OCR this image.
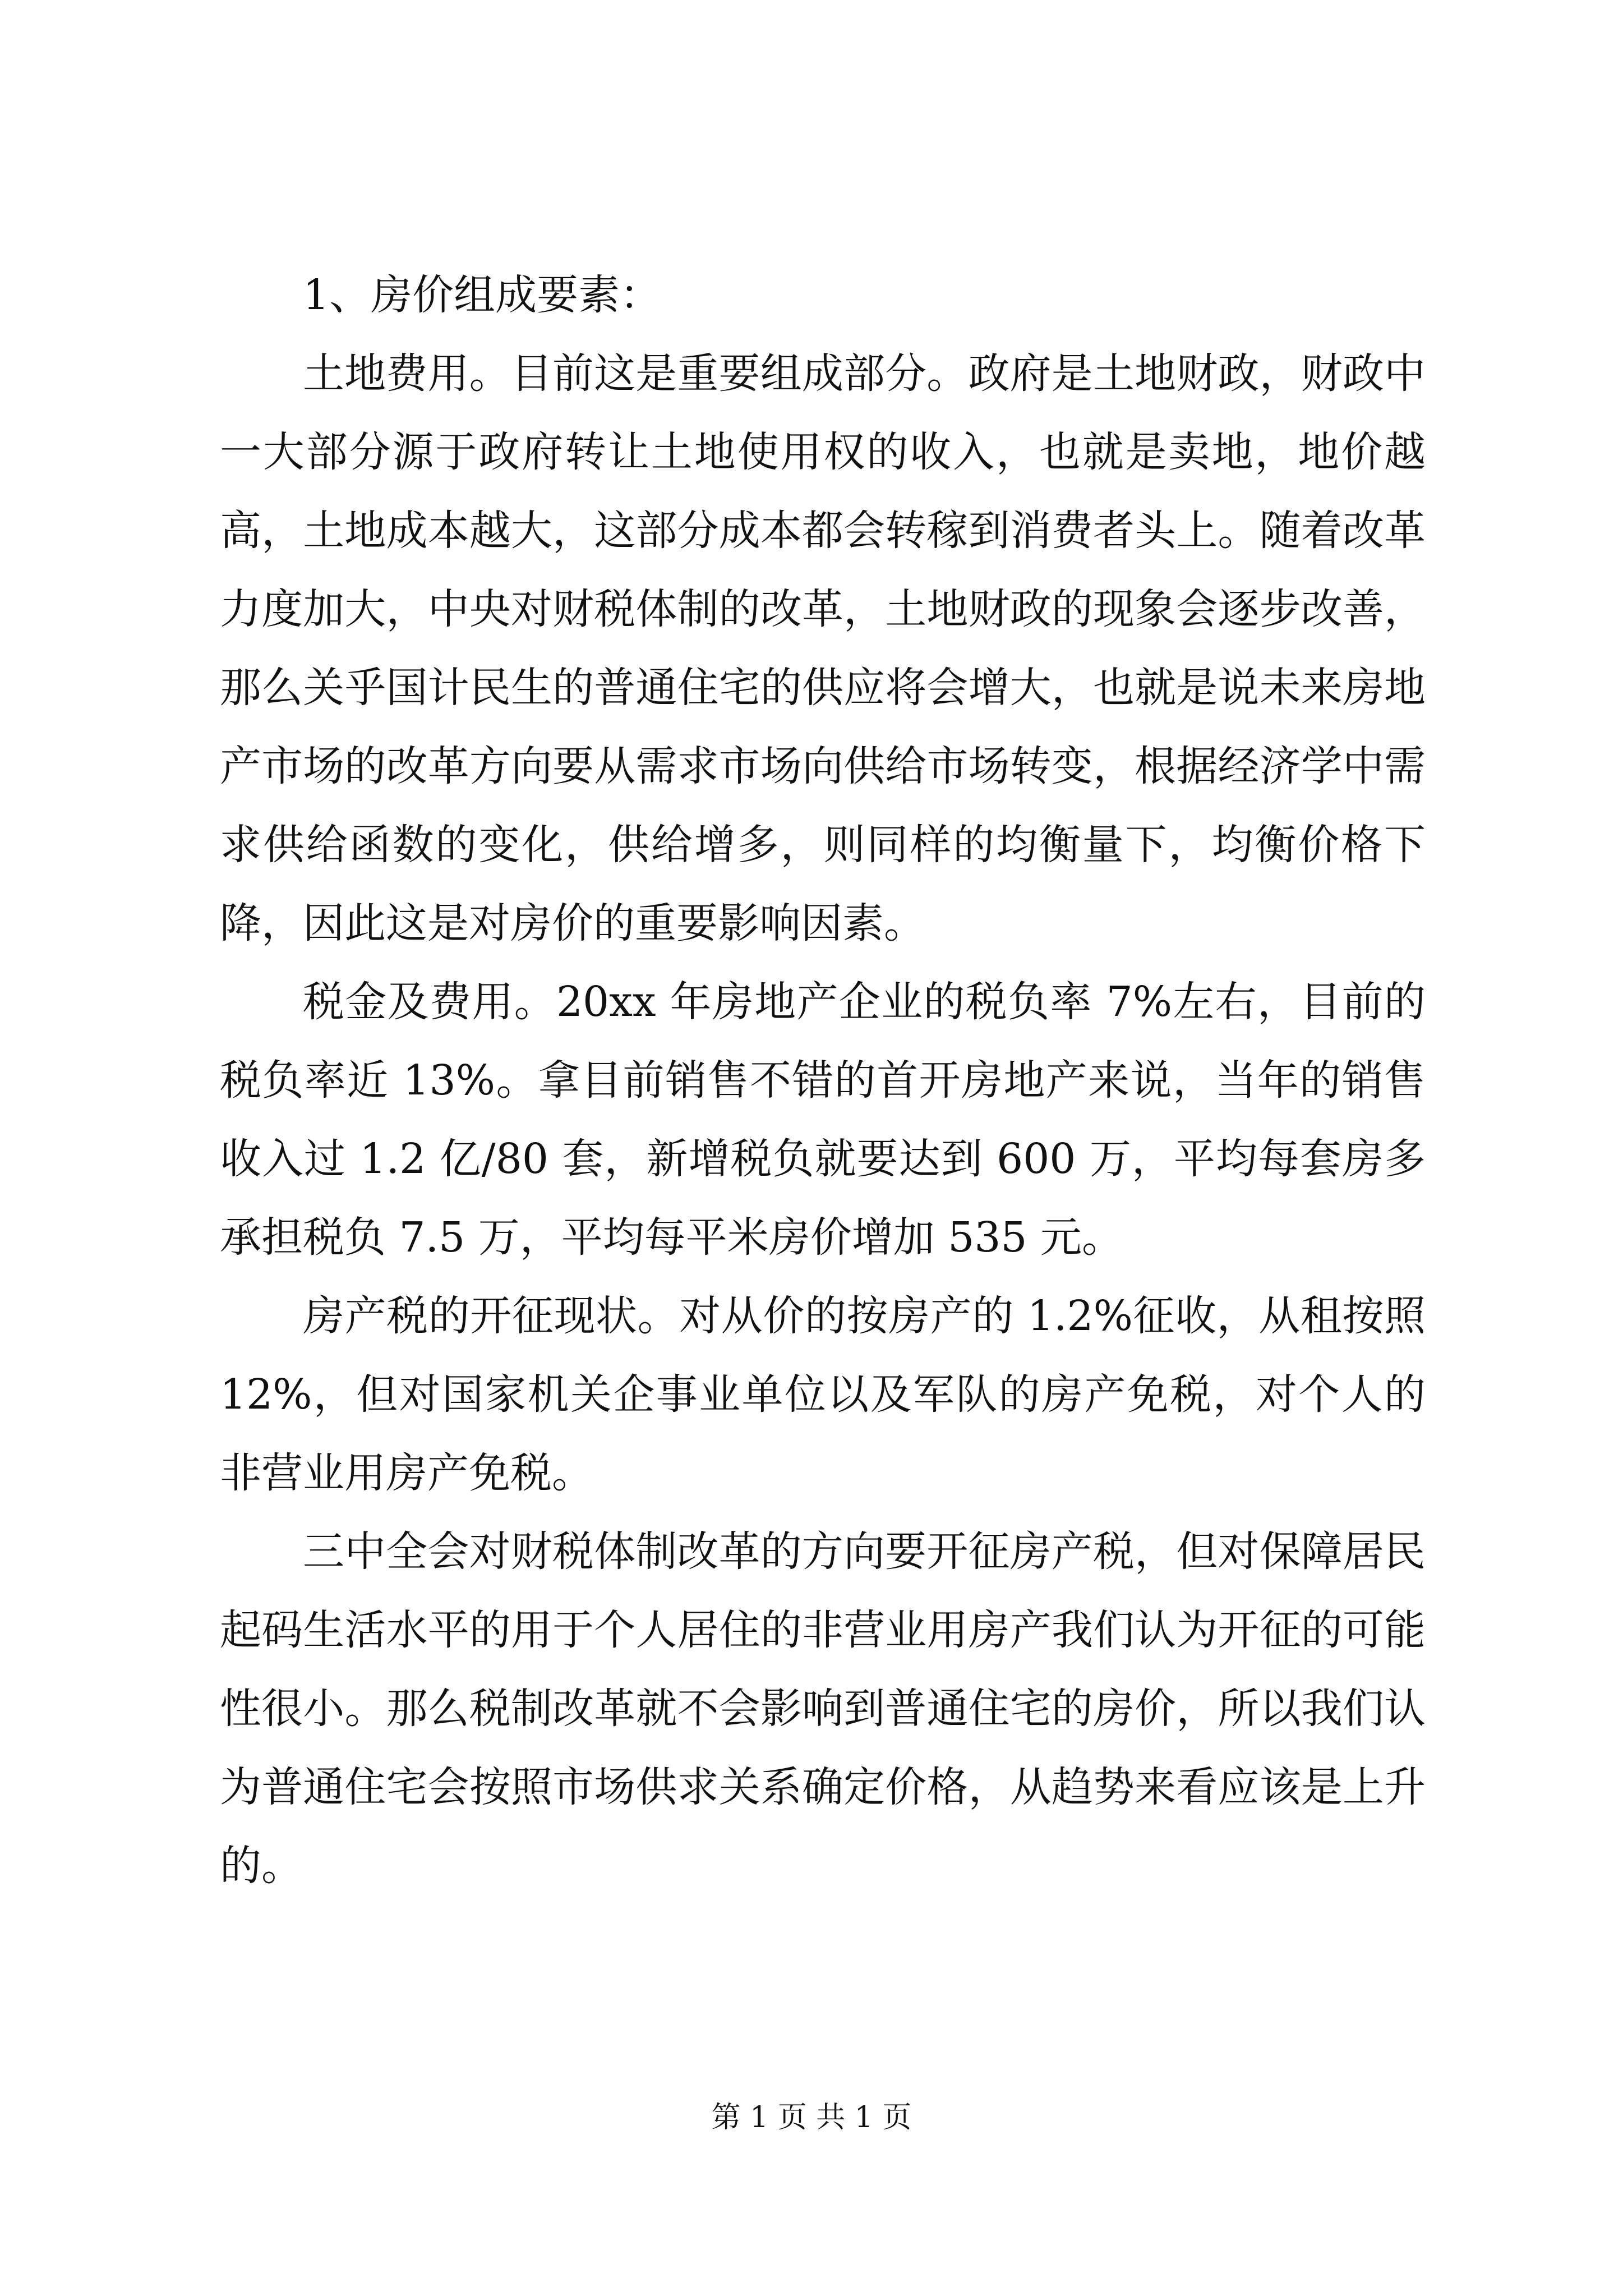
1、房价组成要素：

土地费用。目前这是重要组成部分。政府是土地财政，财政中一大部分源于政府转让土地使用权的收入，也就是卖地，地价越高，土地成本越大，这部分成本都会转稼到消费者头上。随着改革力度加大，中央对财税体制的改革，土地财政的现象会逐步改善，那么关乎国计民生的普通住宅的供应将会增大，也就是说未来房地产市场的改革方向要从需求市场向供给市场转变，根据经济学中需求供给函数的变化，供给增多，则同样的均衡量下，均衡价格下降，因此这是对房价的重要影响因素。

税金及费用。20xx 年房地产企业的税负率 7%左右，目前的税负率近 13%。拿目前销售不错的首开房地产来说，当年的销售收入过 1.2 亿/80 套，新增税负就要达到 600 万，平均每套房多承担税负 7.5 万，平均每平米房价增加 535 元。

房产税的开征现状。对从价的按房产的 1.2%征收，从租按照 12%，但对国家机关企事业单位以及军队的房产免税，对个人的非营业用房产免税。

三中全会对财税体制改革的方向要开征房产税，但对保障居民起码生活水平的用于个人居住的非营业用房产我们认为开征的可能性很小。那么税制改革就不会影响到普通住宅的房价，所以我们认为普通住宅会按照市场供求关系确定价格，从趋势来看应该是上升的。

第 1 页 共 1 页
